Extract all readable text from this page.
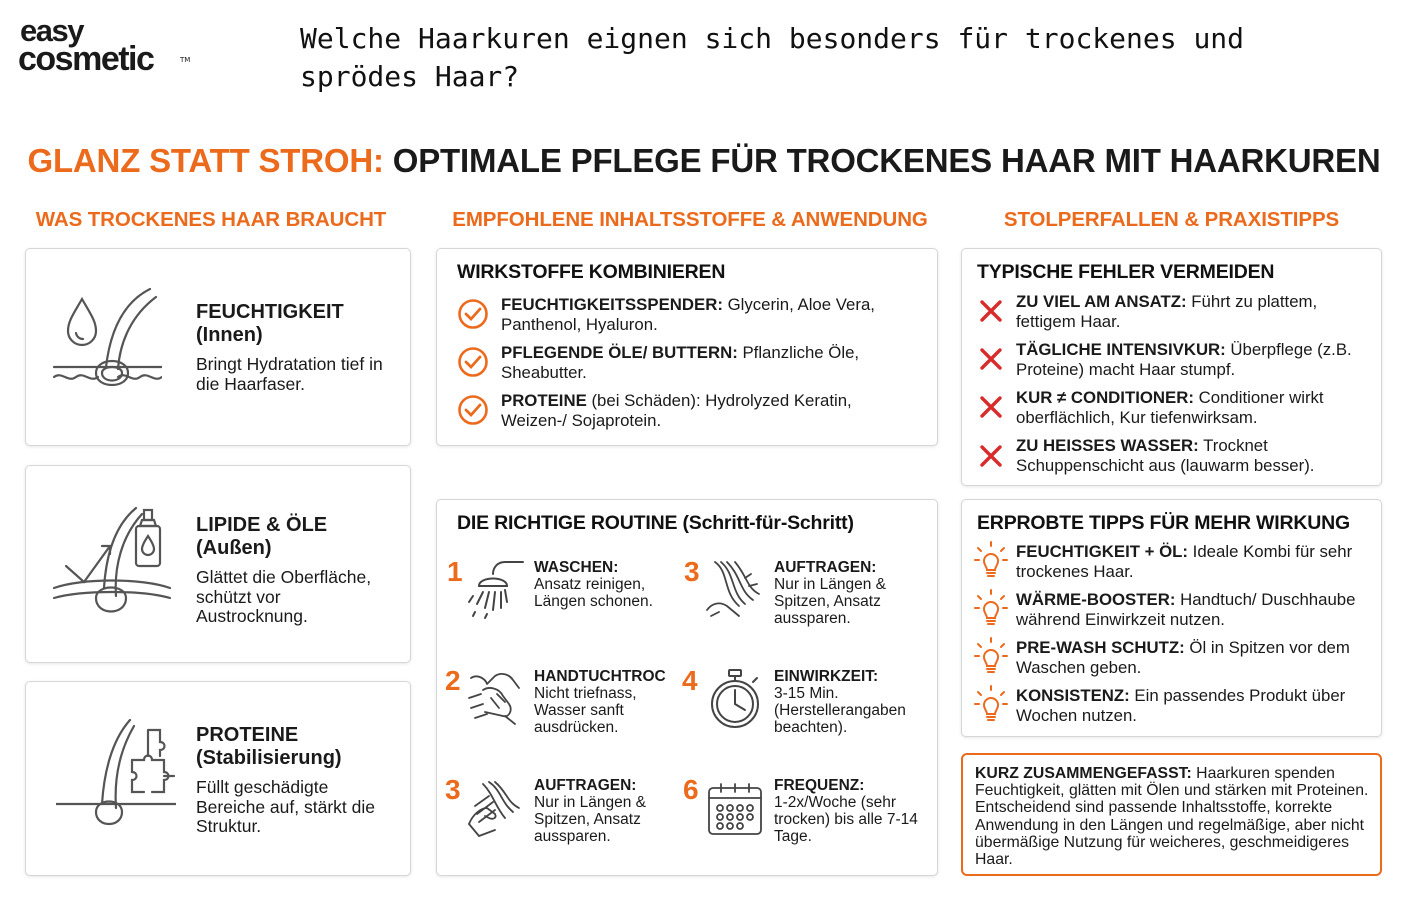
easy
cosmetic	TM
Welche Haarkuren eignen sich besonders für trockenes und sprödes Haar?
GLANZ STATT STROH: OPTIMALE PFLEGE FÜR TROCKENES HAAR MIT HAARKUREN
WAS TROCKENES HAAR BRAUCHT	EMPFOHLENE INHALTSSTOFFE & ANWENDUNG	STOLPERFALLEN & PRAXISTIPPS
FEUCHTIGKEIT
(Innen)
Bringt Hydratation tief in die Haarfaser.
LIPIDE & ÖLE
(Außen)
Glättet die Oberfläche, schützt vor Austrocknung.
PROTEINE
(Stabilisierung)
Füllt geschädigte Bereiche auf, stärkt die Struktur.
WIRKSTOFFE KOMBINIEREN
FEUCHTIGKEITSSPENDER: Glycerin, Aloe Vera, Panthenol, Hyaluron.
PFLEGENDE ÖLE/ BUTTERN: Pflanzliche Öle, Sheabutter.
PROTEINE (bei Schäden): Hydrolyzed Keratin, Weizen-/ Sojaprotein.
DIE RICHTIGE ROUTINE (Schritt-für-Schritt)
1	WASCHEN:
Ansatz reinigen, Längen schonen.
3	AUFTRAGEN:
Nur in Längen & Spitzen, Ansatz aussparen.
2	HANDTUCHTROC
Nicht triefnass, Wasser sanft ausdrücken.
4	EINWIRKZEIT:
3-15 Min. (Herstellerangaben beachten).
3	AUFTRAGEN:
Nur in Längen & Spitzen, Ansatz aussparen.
6	FREQUENZ:
1-2x/Woche (sehr trocken) bis alle 7-14 Tage.
TYPISCHE FEHLER VERMEIDEN
ZU VIEL AM ANSATZ: Führt zu plattem, fettigem Haar.
TÄGLICHE INTENSIVKUR: Überpflege (z.B. Proteine) macht Haar stumpf.
KUR ≠ CONDITIONER: Conditioner wirkt oberflächlich, Kur tiefenwirksam.
ZU HEISSES WASSER: Trocknet Schuppenschicht aus (lauwarm besser).
ERPROBTE TIPPS FÜR MEHR WIRKUNG
FEUCHTIGKEIT + ÖL: Ideale Kombi für sehr trockenes Haar.
WÄRME-BOOSTER: Handtuch/ Duschhaube während Einwirkzeit nutzen.
PRE-WASH SCHUTZ: Öl in Spitzen vor dem Waschen geben.
KONSISTENZ: Ein passendes Produkt über Wochen nutzen.
KURZ ZUSAMMENGEFASST: Haarkuren spenden Feuchtigkeit, glätten mit Ölen und stärken mit Proteinen. Entscheidend sind passende Inhaltsstoffe, korrekte Anwendung in den Längen und regelmäßige, aber nicht übermäßige Nutzung für weicheres, geschmeidigeres Haar.
